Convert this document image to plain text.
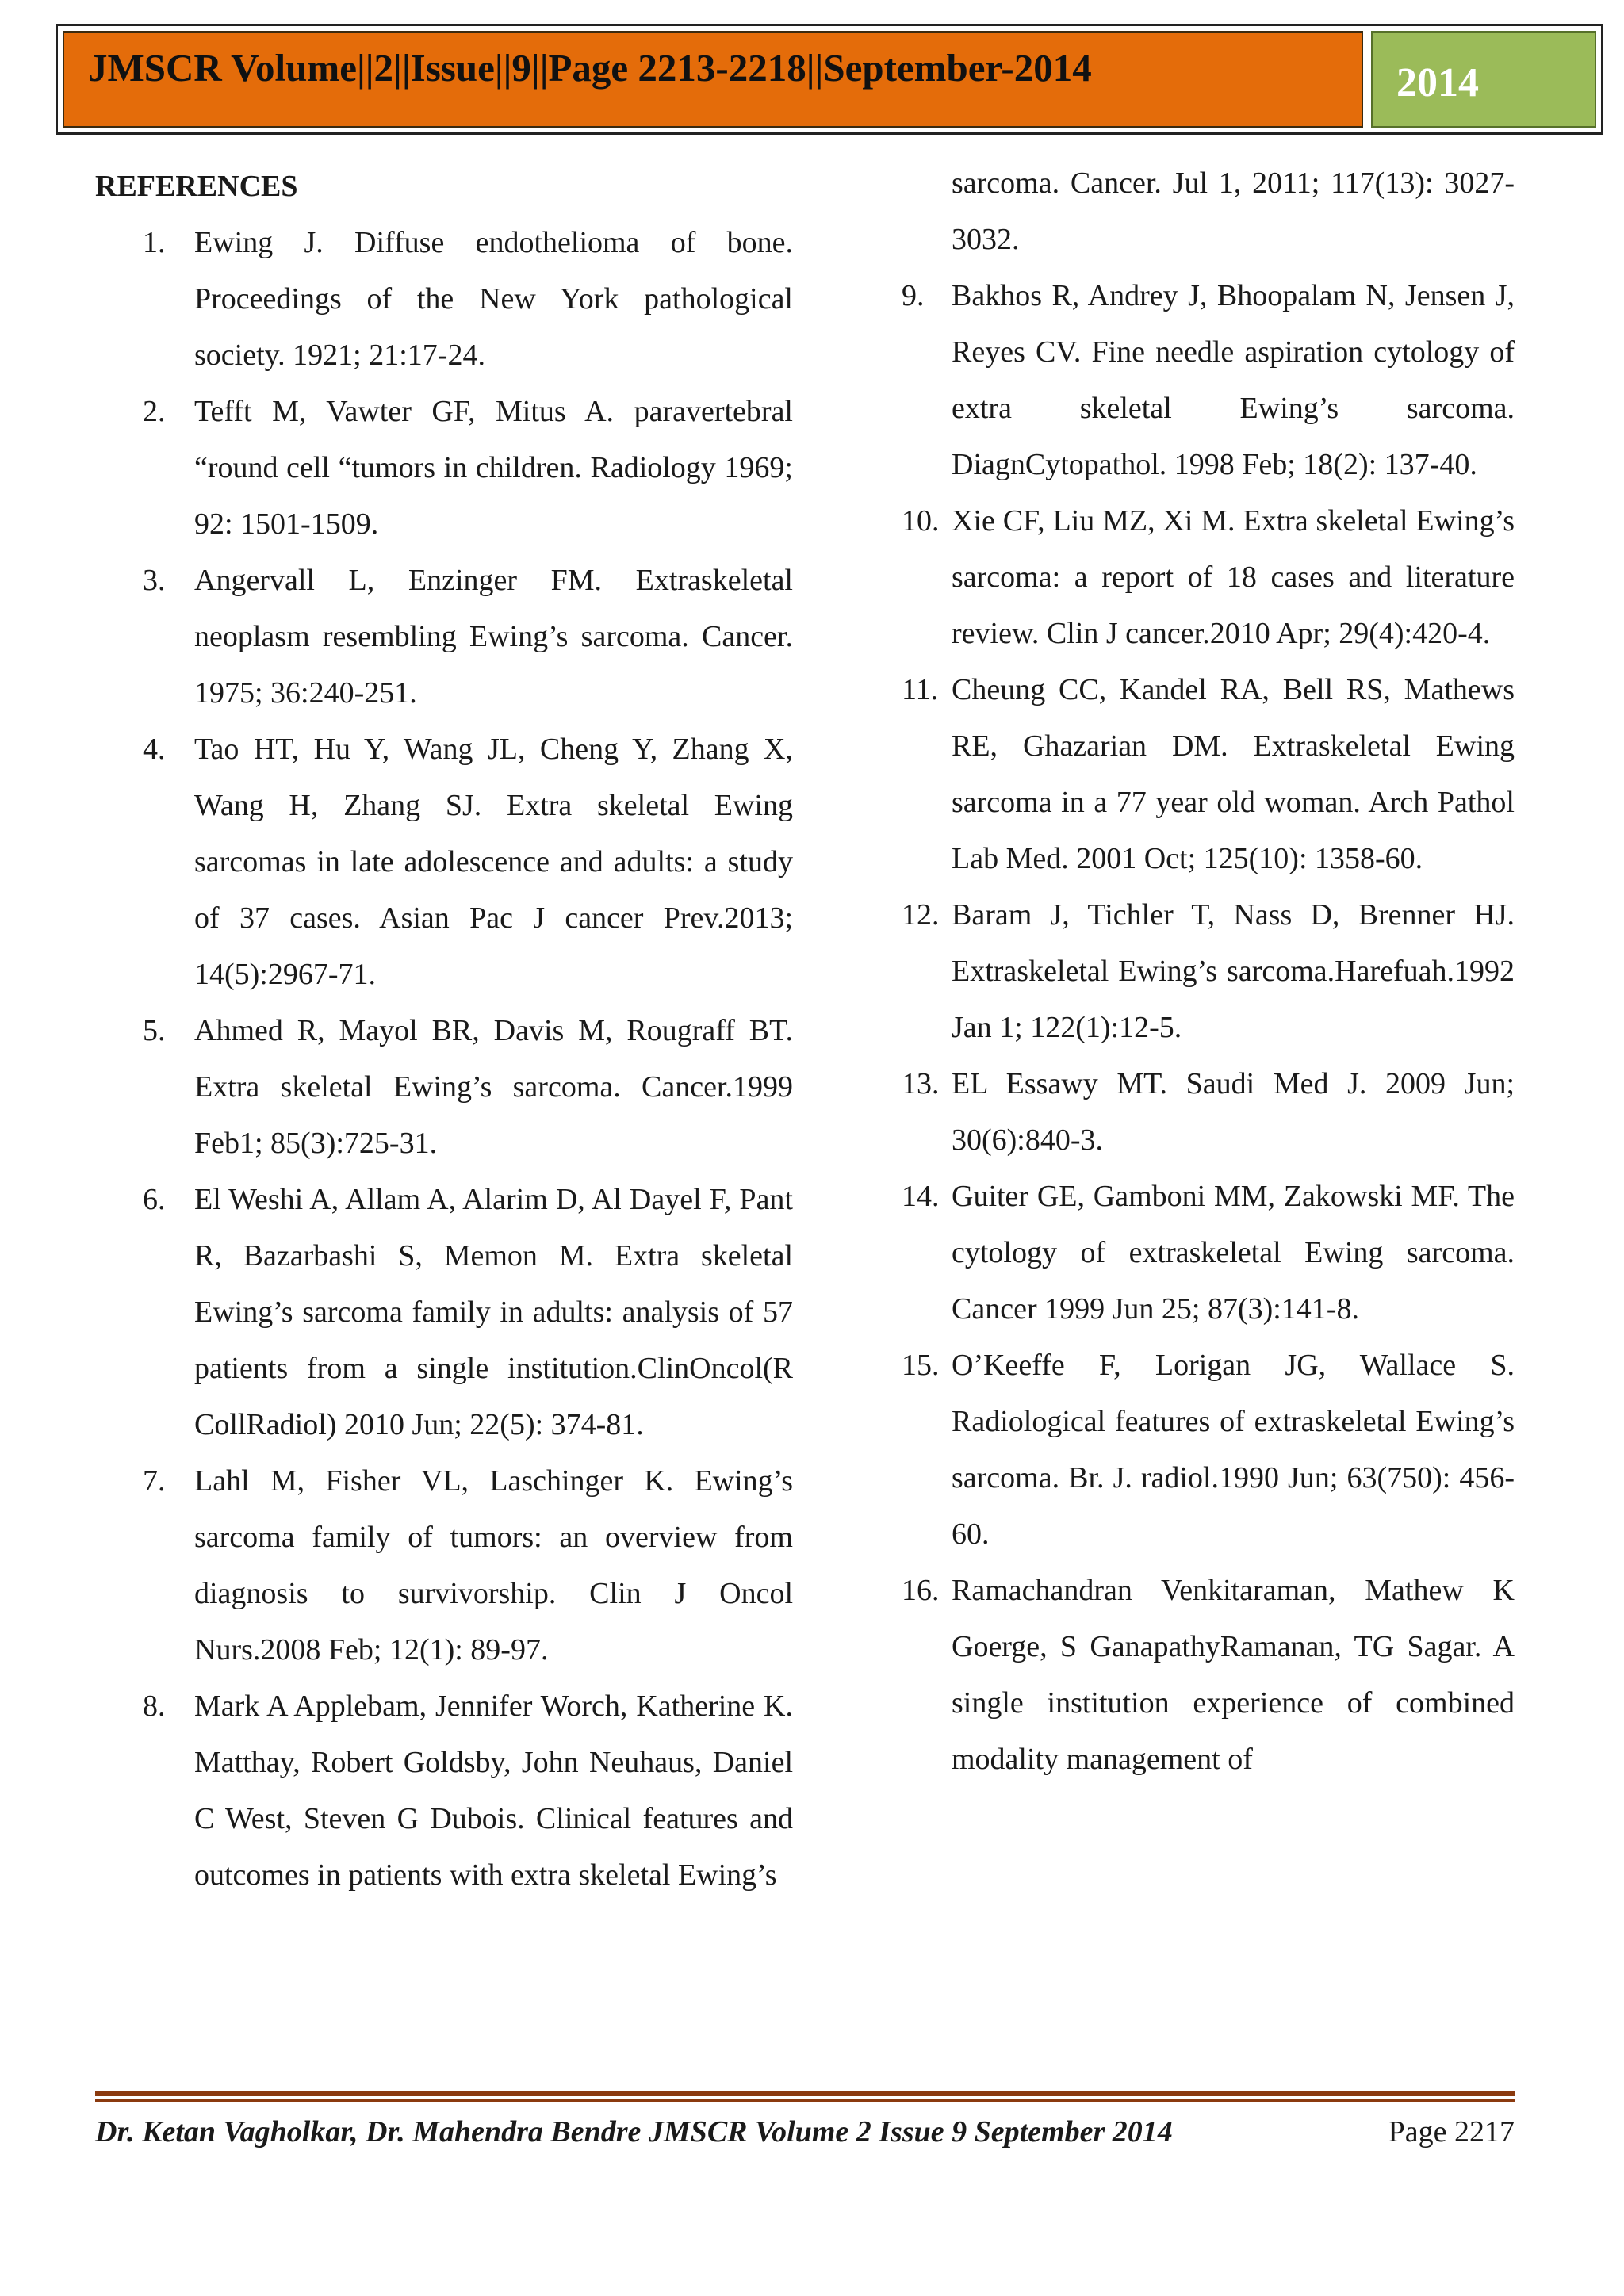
JMSCR Volume||2||Issue||9||Page 2213-2218||September-2014	2014

REFERENCES

1. Ewing J. Diffuse endothelioma of bone. Proceedings of the New York pathological society. 1921; 21:17-24.
2. Tefft M, Vawter GF, Mitus A. paravertebral “round cell “tumors in children. Radiology 1969; 92: 1501-1509.
3. Angervall L, Enzinger FM. Extraskeletal neoplasm resembling Ewing’s sarcoma. Cancer. 1975; 36:240-251.
4. Tao HT, Hu Y, Wang JL, Cheng Y, Zhang X, Wang H, Zhang SJ. Extra skeletal Ewing sarcomas in late adolescence and adults: a study of 37 cases. Asian Pac J cancer Prev.2013; 14(5):2967-71.
5. Ahmed R, Mayol BR, Davis M, Rougraff BT. Extra skeletal Ewing’s sarcoma. Cancer.1999 Feb1; 85(3):725-31.
6. El Weshi A, Allam A, Alarim D, Al Dayel F, Pant R, Bazarbashi S, Memon M. Extra skeletal Ewing’s sarcoma family in adults: analysis of 57 patients from a single institution.ClinOncol(R CollRadiol) 2010 Jun; 22(5): 374-81.
7. Lahl M, Fisher VL, Laschinger K. Ewing’s sarcoma family of tumors: an overview from diagnosis to survivorship. Clin J Oncol Nurs.2008 Feb; 12(1): 89-97.
8. Mark A Applebam, Jennifer Worch, Katherine K. Matthay, Robert Goldsby, John Neuhaus, Daniel C West, Steven G Dubois. Clinical features and outcomes in patients with extra skeletal Ewing’s
sarcoma. Cancer. Jul 1, 2011; 117(13): 3027-3032.
9. Bakhos R, Andrey J, Bhoopalam N, Jensen J, Reyes CV. Fine needle aspiration cytology of extra skeletal Ewing’s sarcoma. DiagnCytopathol. 1998 Feb; 18(2): 137-40.
10. Xie CF, Liu MZ, Xi M. Extra skeletal Ewing’s sarcoma: a report of 18 cases and literature review. Clin J cancer.2010 Apr; 29(4):420-4.
11. Cheung CC, Kandel RA, Bell RS, Mathews RE, Ghazarian DM. Extraskeletal Ewing sarcoma in a 77 year old woman. Arch Pathol Lab Med. 2001 Oct; 125(10): 1358-60.
12. Baram J, Tichler T, Nass D, Brenner HJ. Extraskeletal Ewing’s sarcoma.Harefuah.1992 Jan 1; 122(1):12-5.
13. EL Essawy MT. Saudi Med J. 2009 Jun; 30(6):840-3.
14. Guiter GE, Gamboni MM, Zakowski MF. The cytology of extraskeletal Ewing sarcoma. Cancer 1999 Jun 25; 87(3):141-8.
15. O’Keeffe F, Lorigan JG, Wallace S. Radiological features of extraskeletal Ewing’s sarcoma. Br. J. radiol.1990 Jun; 63(750): 456-60.
16. Ramachandran Venkitaraman, Mathew K Goerge, S GanapathyRamanan, TG Sagar. A single institution experience of combined modality management of
Dr. Ketan Vagholkar, Dr. Mahendra Bendre JMSCR Volume 2 Issue 9 September 2014	Page 2217
